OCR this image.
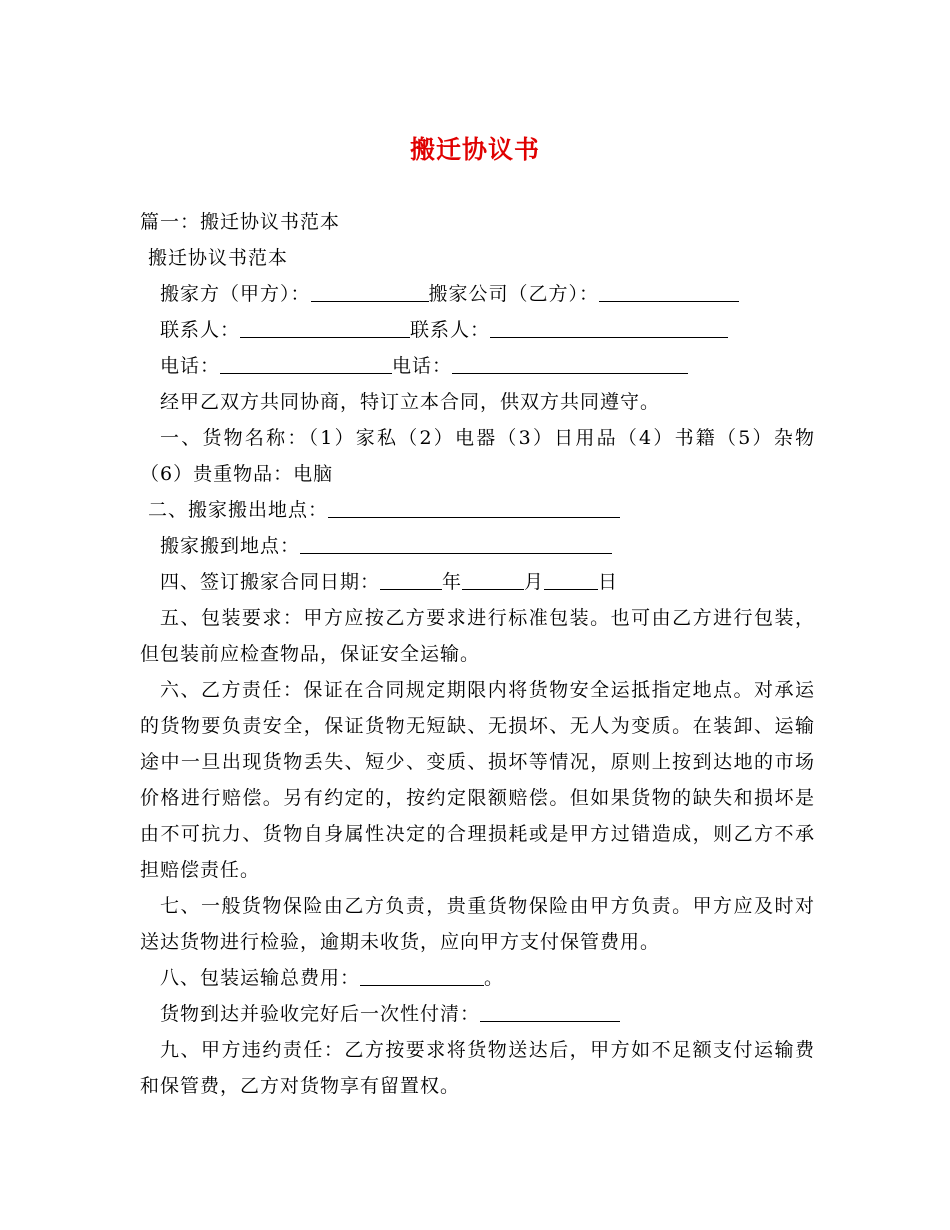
搬迁协议书
篇一：搬迁协议书范本
搬迁协议书范本
搬家方（甲方）：	搬家公司（乙方）：
联系人：	联系人：
电话：	电话：
经甲乙双方共同协商，特订立本合同，供双方共同遵守。
一、货物名称：（1）家私（2）电器（3）日用品（4）书籍（5）杂物（6）贵重物品：电脑
二、搬家搬出地点：
搬家搬到地点：
四、签订搬家合同日期：	年	月	日
五、包装要求：甲方应按乙方要求进行标准包装。也可由乙方进行包装，但包装前应检查物品，保证安全运输。
六、乙方责任：保证在合同规定期限内将货物安全运抵指定地点。对承运的货物要负责安全，保证货物无短缺、无损坏、无人为变质。在装卸、运输途中一旦出现货物丢失、短少、变质、损坏等情况，原则上按到达地的市场价格进行赔偿。另有约定的，按约定限额赔偿。但如果货物的缺失和损坏是由不可抗力、货物自身属性决定的合理损耗或是甲方过错造成，则乙方不承担赔偿责任。
七、一般货物保险由乙方负责，贵重货物保险由甲方负责。甲方应及时对送达货物进行检验，逾期未收货，应向甲方支付保管费用。
八、包装运输总费用：	。
货物到达并验收完好后一次性付清：
九、甲方违约责任：乙方按要求将货物送达后，甲方如不足额支付运输费和保管费，乙方对货物享有留置权。
